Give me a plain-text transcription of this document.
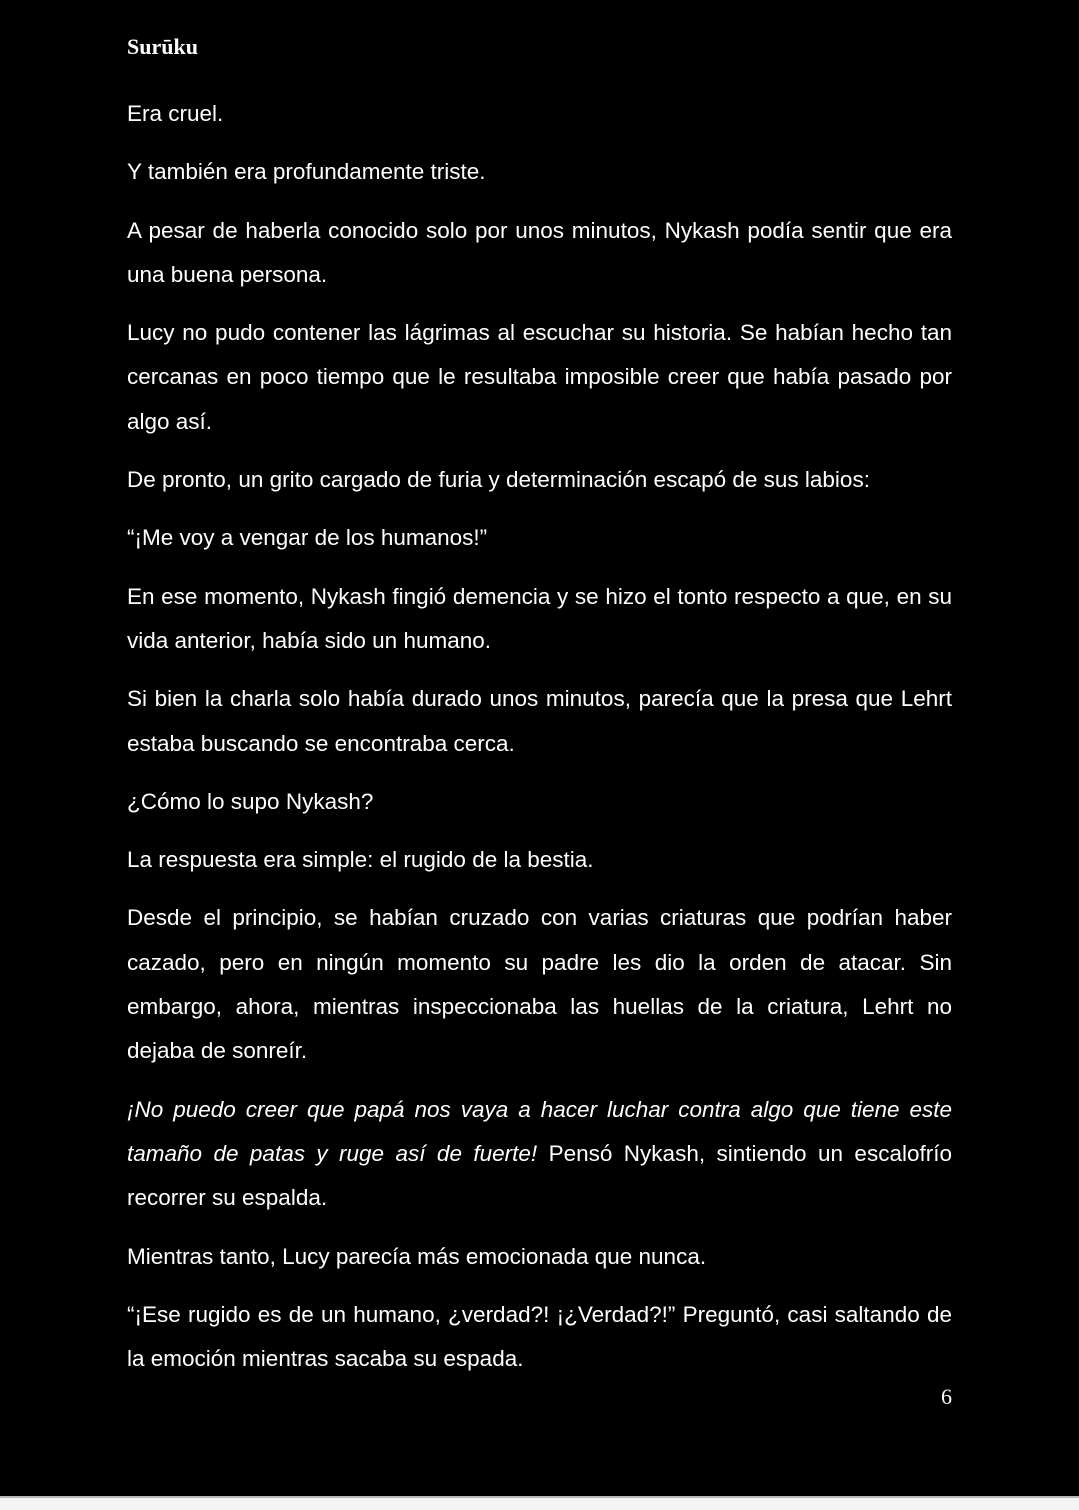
Surūku

Era cruel.

Y también era profundamente triste.

A pesar de haberla conocido solo por unos minutos, Nykash podía sentir que era una buena persona.

Lucy no pudo contener las lágrimas al escuchar su historia. Se habían hecho tan cercanas en poco tiempo que le resultaba imposible creer que había pasado por algo así.

De pronto, un grito cargado de furia y determinación escapó de sus labios:

“¡Me voy a vengar de los humanos!”

En ese momento, Nykash fingió demencia y se hizo el tonto respecto a que, en su vida anterior, había sido un humano.

Si bien la charla solo había durado unos minutos, parecía que la presa que Lehrt estaba buscando se encontraba cerca.

¿Cómo lo supo Nykash?

La respuesta era simple: el rugido de la bestia.

Desde el principio, se habían cruzado con varias criaturas que podrían haber cazado, pero en ningún momento su padre les dio la orden de atacar. Sin embargo, ahora, mientras inspeccionaba las huellas de la criatura, Lehrt no dejaba de sonreír.

¡No puedo creer que papá nos vaya a hacer luchar contra algo que tiene este tamaño de patas y ruge así de fuerte! Pensó Nykash, sintiendo un escalofrío recorrer su espalda.

Mientras tanto, Lucy parecía más emocionada que nunca.

“¡Ese rugido es de un humano, ¿verdad?! ¡¿Verdad?!” Preguntó, casi saltando de la emoción mientras sacaba su espada.

6
